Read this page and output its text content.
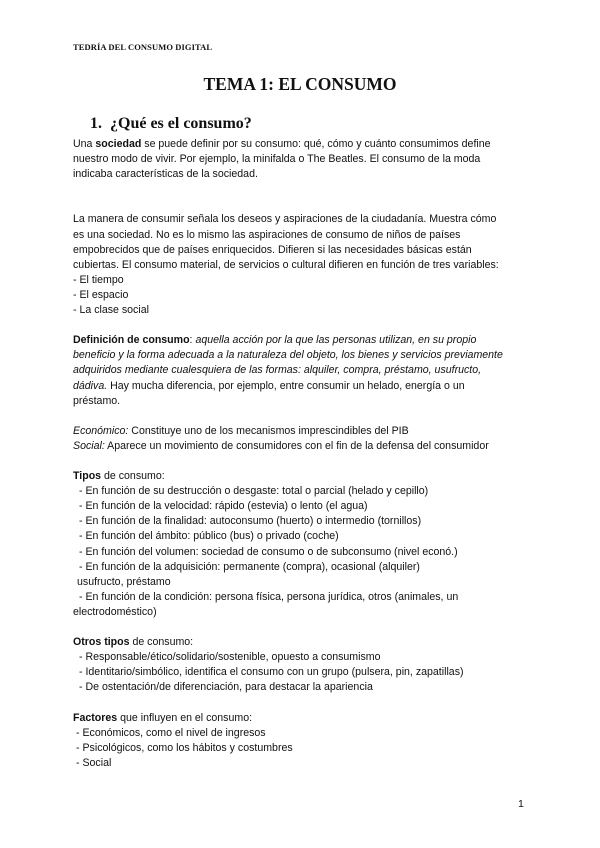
TEDRÍA DEL CONSUMO DIGITAL
TEMA 1: EL CONSUMO
1. ¿Qué es el consumo?
Una sociedad se puede definir por su consumo: qué, cómo y cuánto consumimos define
nuestro modo de vivir. Por ejemplo, la minifalda o The Beatles. El consumo de la moda
indicaba características de la sociedad.
La manera de consumir señala los deseos y aspiraciones de la ciudadanía. Muestra cómo
es una sociedad. No es lo mismo las aspiraciones de consumo de niños de países
empobrecidos que de países enriquecidos. Difieren si las necesidades básicas están
cubiertas. El consumo material, de servicios o cultural difieren en función de tres variables:
- El tiempo
- El espacio
- La clase social
Definición de consumo: aquella acción por la que las personas utilizan, en su propio
beneficio y la forma adecuada a la naturaleza del objeto, los bienes y servicios previamente
adquiridos mediante cualesquiera de las formas: alquiler, compra, préstamo, usufructo,
dádiva. Hay mucha diferencia, por ejemplo, entre consumir un helado, energía o un
préstamo.
Económico: Constituye uno de los mecanismos imprescindibles del PIB
Social: Aparece un movimiento de consumidores con el fin de la defensa del consumidor
Tipos de consumo:
- En función de su destrucción o desgaste: total o parcial (helado y cepillo)
- En función de la velocidad: rápido (estevia) o lento (el agua)
- En función de la finalidad: autoconsumo (huerto) o intermedio (tornillos)
- En función del ámbito: público (bus) o privado (coche)
- En función del volumen: sociedad de consumo o de subconsumo (nivel econó.)
- En función de la adquisición: permanente (compra), ocasional (alquiler)
usufructo, préstamo
- En función de la condición: persona física, persona jurídica, otros (animales, un
electrodoméstico)
Otros tipos de consumo:
- Responsable/ético/solidario/sostenible, opuesto a consumismo
- Identitario/simbólico, identifica el consumo con un grupo (pulsera, pin, zapatillas)
- De ostentación/de diferenciación, para destacar la apariencia
Factores que influyen en el consumo:
- Económicos, como el nivel de ingresos
- Psicológicos, como los hábitos y costumbres
- Social
1
